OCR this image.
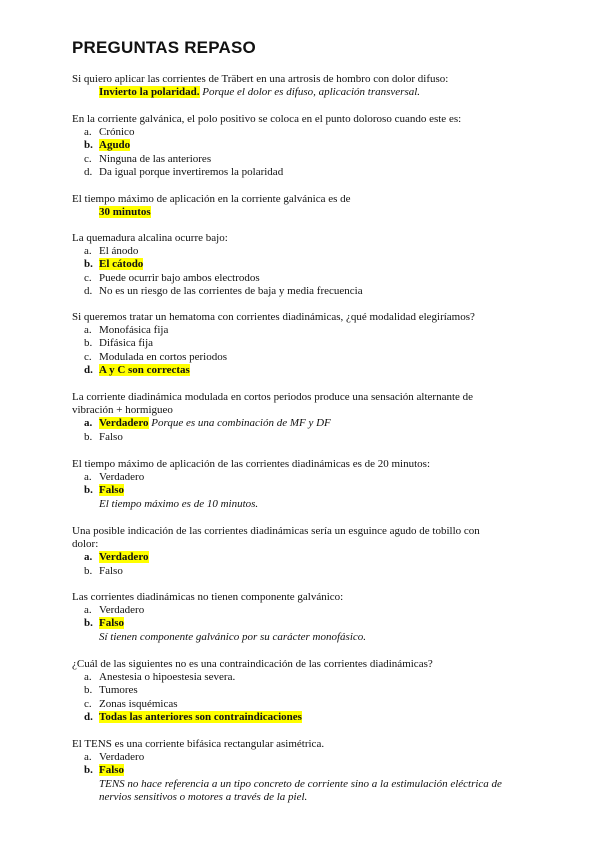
PREGUNTAS REPASO

Si quiero aplicar las corrientes de Träbert en una artrosis de hombro con dolor difuso:

Invierto la polaridad. Porque el dolor es difuso, aplicación transversal.

En la corriente galvánica, el polo positivo se coloca en el punto doloroso cuando este es:

a. Crónico

b. Agudo

c. Ninguna de las anteriores

d. Da igual porque invertiremos la polaridad

El tiempo máximo de aplicación en la corriente galvánica es de

30 minutos

La quemadura alcalina ocurre bajo:

a. El ánodo

b. El cátodo

c. Puede ocurrir bajo ambos electrodos

d. No es un riesgo de las corrientes de baja y media frecuencia

Si queremos tratar un hematoma con corrientes diadinámicas, ¿qué modalidad elegiríamos?

a. Monofásica fija

b. Difásica fija

c. Modulada en cortos periodos

d. A y C son correctas

La corriente diadinámica modulada en cortos periodos produce una sensación alternante de

vibración + hormigueo

a. Verdadero Porque es una combinación de MF y DF

b. Falso

El tiempo máximo de aplicación de las corrientes diadinámicas es de 20 minutos:

a. Verdadero

b. Falso

El tiempo máximo es de 10 minutos.

Una posible indicación de las corrientes diadinámicas sería un esguince agudo de tobillo con

dolor:

a. Verdadero

b. Falso

Las corrientes diadinámicas no tienen componente galvánico:

a. Verdadero

b. Falso

Sí tienen componente galvánico por su carácter monofásico.

¿Cuál de las siguientes no es una contraindicación de las corrientes diadinámicas?

a. Anestesia o hipoestesia severa.

b. Tumores

c. Zonas isquémicas

d. Todas las anteriores son contraindicaciones

El TENS es una corriente bifásica rectangular asimétrica.

a. Verdadero

b. Falso

TENS no hace referencia a un tipo concreto de corriente sino a la estimulación eléctrica de

nervios sensitivos o motores a través de la piel.
